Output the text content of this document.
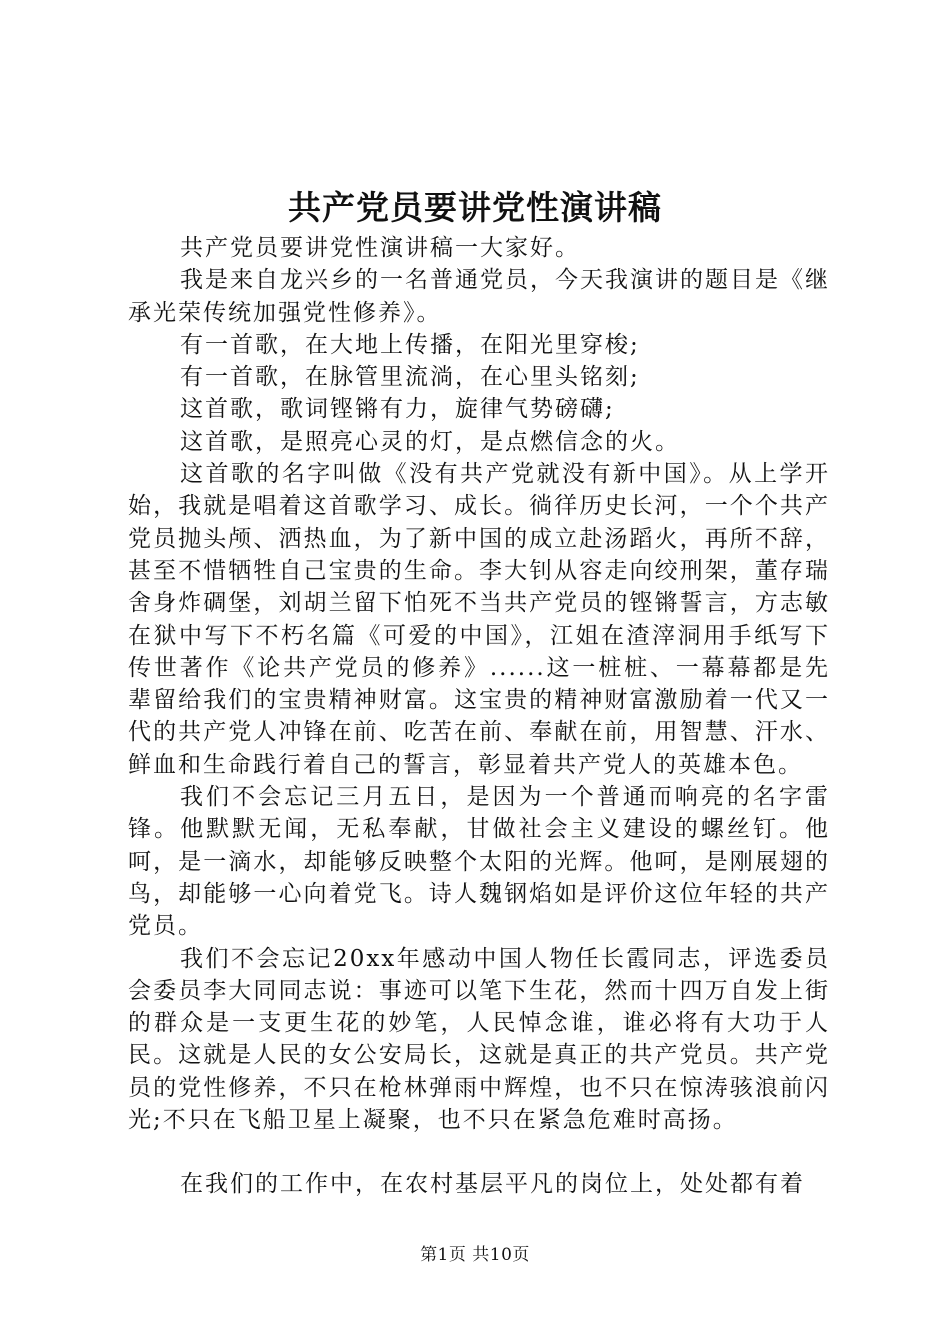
共产党员要讲党性演讲稿

共产党员要讲党性演讲稿一大家好。

我是来自龙兴乡的一名普通党员，今天我演讲的题目是《继承光荣传统加强党性修养》。

有一首歌，在大地上传播，在阳光里穿梭;

有一首歌，在脉管里流淌，在心里头铭刻;

这首歌，歌词铿锵有力，旋律气势磅礴;

这首歌，是照亮心灵的灯，是点燃信念的火。

这首歌的名字叫做《没有共产党就没有新中国》。从上学开始，我就是唱着这首歌学习、成长。徜徉历史长河，一个个共产党员抛头颅、洒热血，为了新中国的成立赴汤蹈火，再所不辞，甚至不惜牺牲自己宝贵的生命。李大钊从容走向绞刑架，董存瑞舍身炸碉堡，刘胡兰留下怕死不当共产党员的铿锵誓言，方志敏在狱中写下不朽名篇《可爱的中国》，江姐在渣滓洞用手纸写下传世著作《论共产党员的修养》......这一桩桩、一幕幕都是先辈留给我们的宝贵精神财富。这宝贵的精神财富激励着一代又一代的共产党人冲锋在前、吃苦在前、奉献在前，用智慧、汗水、鲜血和生命践行着自己的誓言，彰显着共产党人的英雄本色。

我们不会忘记三月五日，是因为一个普通而响亮的名字雷锋。他默默无闻，无私奉献，甘做社会主义建设的螺丝钉。他呵，是一滴水，却能够反映整个太阳的光辉。他呵，是刚展翅的鸟，却能够一心向着党飞。诗人魏钢焰如是评价这位年轻的共产党员。

我们不会忘记20xx年感动中国人物任长霞同志，评选委员会委员李大同同志说：事迹可以笔下生花，然而十四万自发上街的群众是一支更生花的妙笔，人民悼念谁，谁必将有大功于人民。这就是人民的女公安局长，这就是真正的共产党员。共产党员的党性修养，不只在枪林弹雨中辉煌，也不只在惊涛骇浪前闪光;不只在飞船卫星上凝聚，也不只在紧急危难时高扬。

在我们的工作中，在农村基层平凡的岗位上，处处都有着

第1页 共10页
